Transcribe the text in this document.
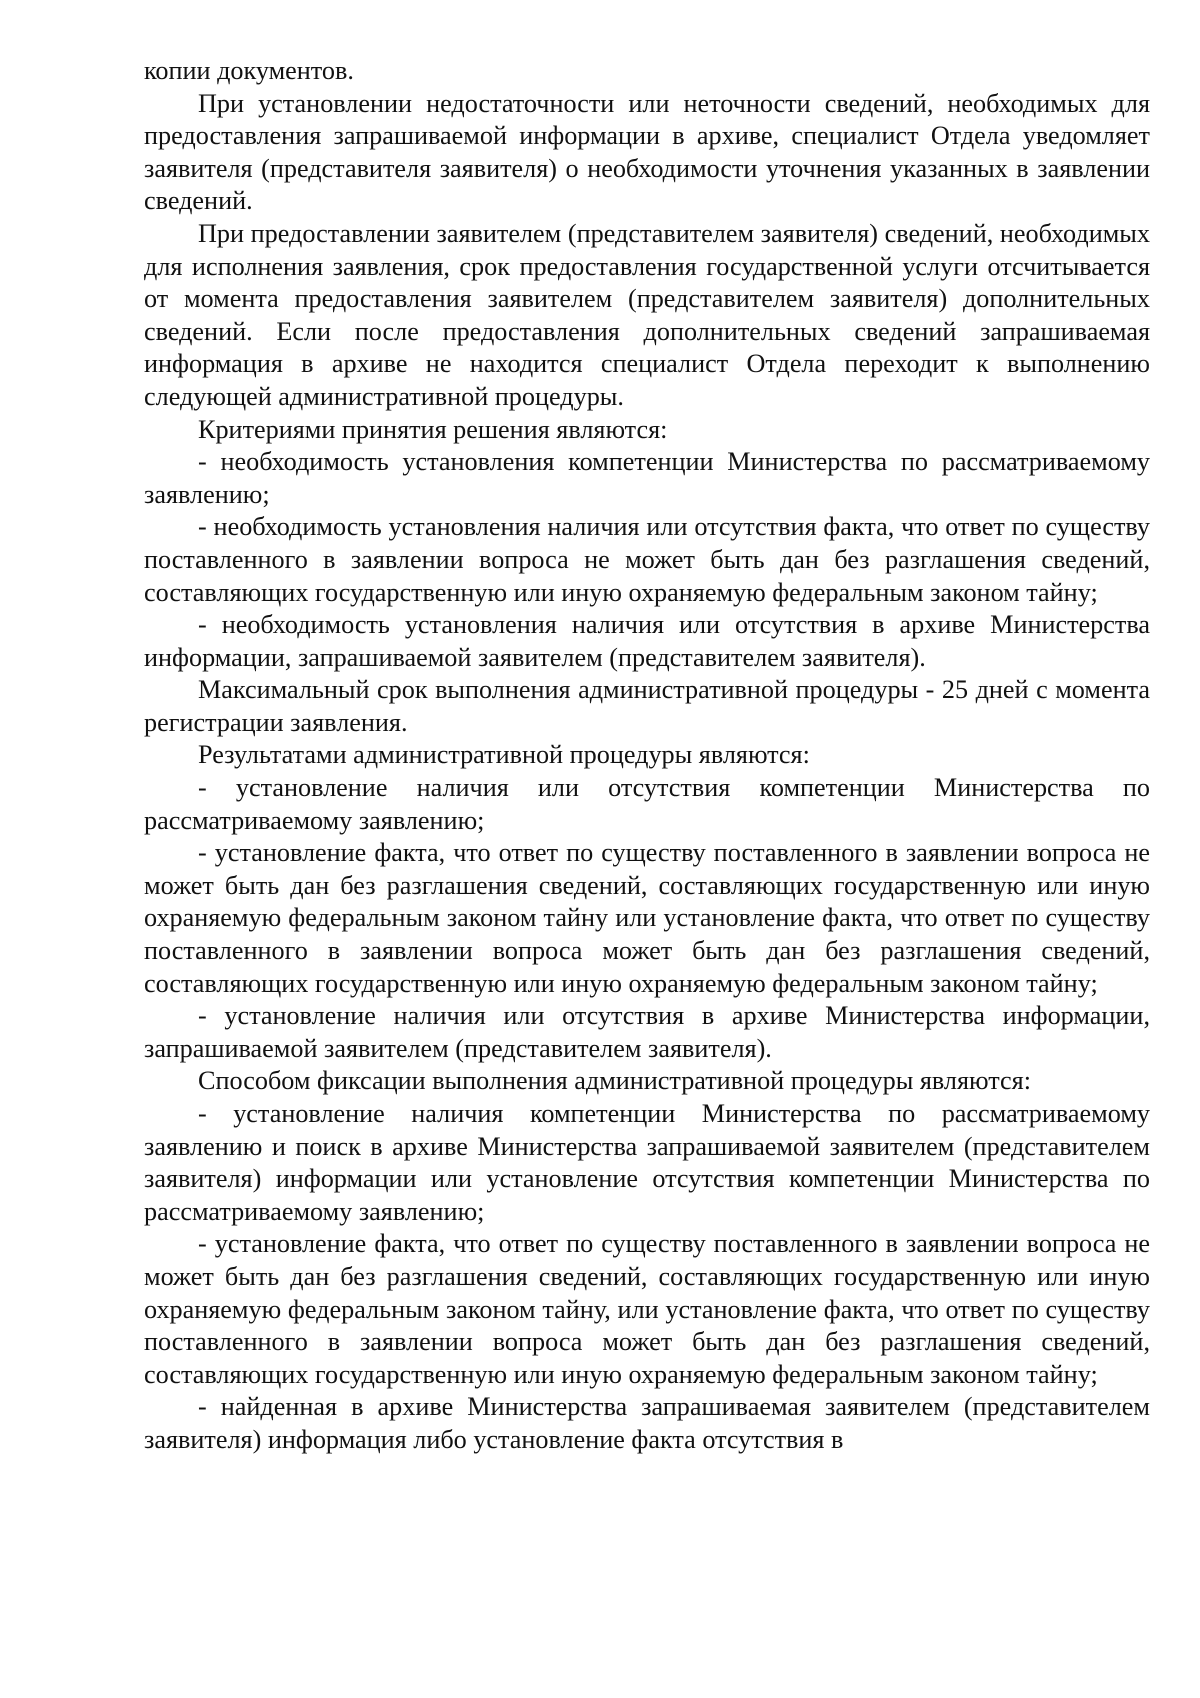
копии документов.

При установлении недостаточности или неточности сведений, необходимых для предоставления запрашиваемой информации в архиве, специалист Отдела уведомляет заявителя (представителя заявителя) о необходимости уточнения указанных в заявлении сведений.

При предоставлении заявителем (представителем заявителя) сведений, необходимых для исполнения заявления, срок предоставления государственной услуги отсчитывается от момента предоставления заявителем (представителем заявителя) дополнительных сведений. Если после предоставления дополнительных сведений запрашиваемая информация в архиве не находится специалист Отдела переходит к выполнению следующей административной процедуры.

Критериями принятия решения являются:

- необходимость установления компетенции Министерства по рассматриваемому заявлению;

- необходимость установления наличия или отсутствия факта, что ответ по существу поставленного в заявлении вопроса не может быть дан без разглашения сведений, составляющих государственную или иную охраняемую федеральным законом тайну;

- необходимость установления наличия или отсутствия в архиве Министерства информации, запрашиваемой заявителем (представителем заявителя).

Максимальный срок выполнения административной процедуры - 25 дней с момента регистрации заявления.

Результатами административной процедуры являются:

- установление наличия или отсутствия компетенции Министерства по рассматриваемому заявлению;

- установление факта, что ответ по существу поставленного в заявлении вопроса не может быть дан без разглашения сведений, составляющих государственную или иную охраняемую федеральным законом тайну или установление факта, что ответ по существу поставленного в заявлении вопроса может быть дан без разглашения сведений, составляющих государственную или иную охраняемую федеральным законом тайну;

- установление наличия или отсутствия в архиве Министерства информации, запрашиваемой заявителем (представителем заявителя).

Способом фиксации выполнения административной процедуры являются:

- установление наличия компетенции Министерства по рассматриваемому заявлению и поиск в архиве Министерства запрашиваемой заявителем (представителем заявителя) информации или установление отсутствия компетенции Министерства по рассматриваемому заявлению;

- установление факта, что ответ по существу поставленного в заявлении вопроса не может быть дан без разглашения сведений, составляющих государственную или иную охраняемую федеральным законом тайну, или установление факта, что ответ по существу поставленного в заявлении вопроса может быть дан без разглашения сведений, составляющих государственную или иную охраняемую федеральным законом тайну;

- найденная в архиве Министерства запрашиваемая заявителем (представителем заявителя) информация либо установление факта отсутствия в
